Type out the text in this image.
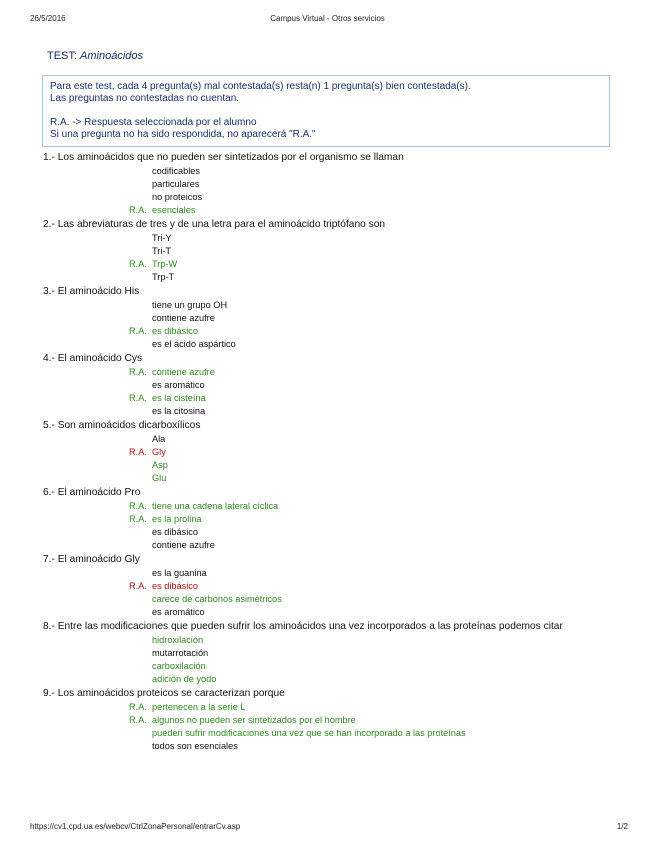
26/5/2016	Campus Virtual - Otros servicios
TEST: Aminoácidos
Para este test, cada 4 pregunta(s) mal contestada(s) resta(n) 1 pregunta(s) bien contestada(s).
Las preguntas no contestadas no cuentan.
R.A. -> Respuesta seleccionada por el alumno
Si una pregunta no ha sido respondida, no aparecerá "R.A."
1.- Los aminoácidos que no pueden ser sintetizados por el organismo se llaman
codificables
particulares
no proteicos
R.A. esenciales
2.- Las abreviaturas de tres y de una letra para el aminoácido triptófano son
Tri-Y
Tri-T
R.A. Trp-W
Trp-T
3.- El aminoácido His
tiene un grupo OH
contiene azufre
R.A. es dibásico
es el ácido aspártico
4.- El aminoácido Cys
R.A. contiene azufre
es aromático
R.A. es la cisteína
es la citosina
5.- Son aminoácidos dicarboxílicos
Ala
R.A. Gly
Asp
Glu
6.- El aminoácido Pro
R.A. tiene una cadena lateral cíclica
R.A. es la prolina
es dibásico
contiene azufre
7.- El aminoácido Gly
es la guanina
R.A. es dibásico
carece de carbonos asimétricos
es aromático
8.- Entre las modificaciones que pueden sufrir los aminoácidos una vez incorporados a las proteínas podemos citar
hidroxilación
mutarrotación
carboxilación
adición de yodo
9.- Los aminoácidos proteicos se caracterizan porque
R.A. pertenecen a la serie L
R.A. algunos no pueden ser sintetizados por el hombre
pueden sufrir modificaciones una vez que se han incorporado a las proteínas
todos son esenciales
https://cv1.cpd.ua.es/webcv/CtrlZonaPersonal/entrarCv.asp	1/2
